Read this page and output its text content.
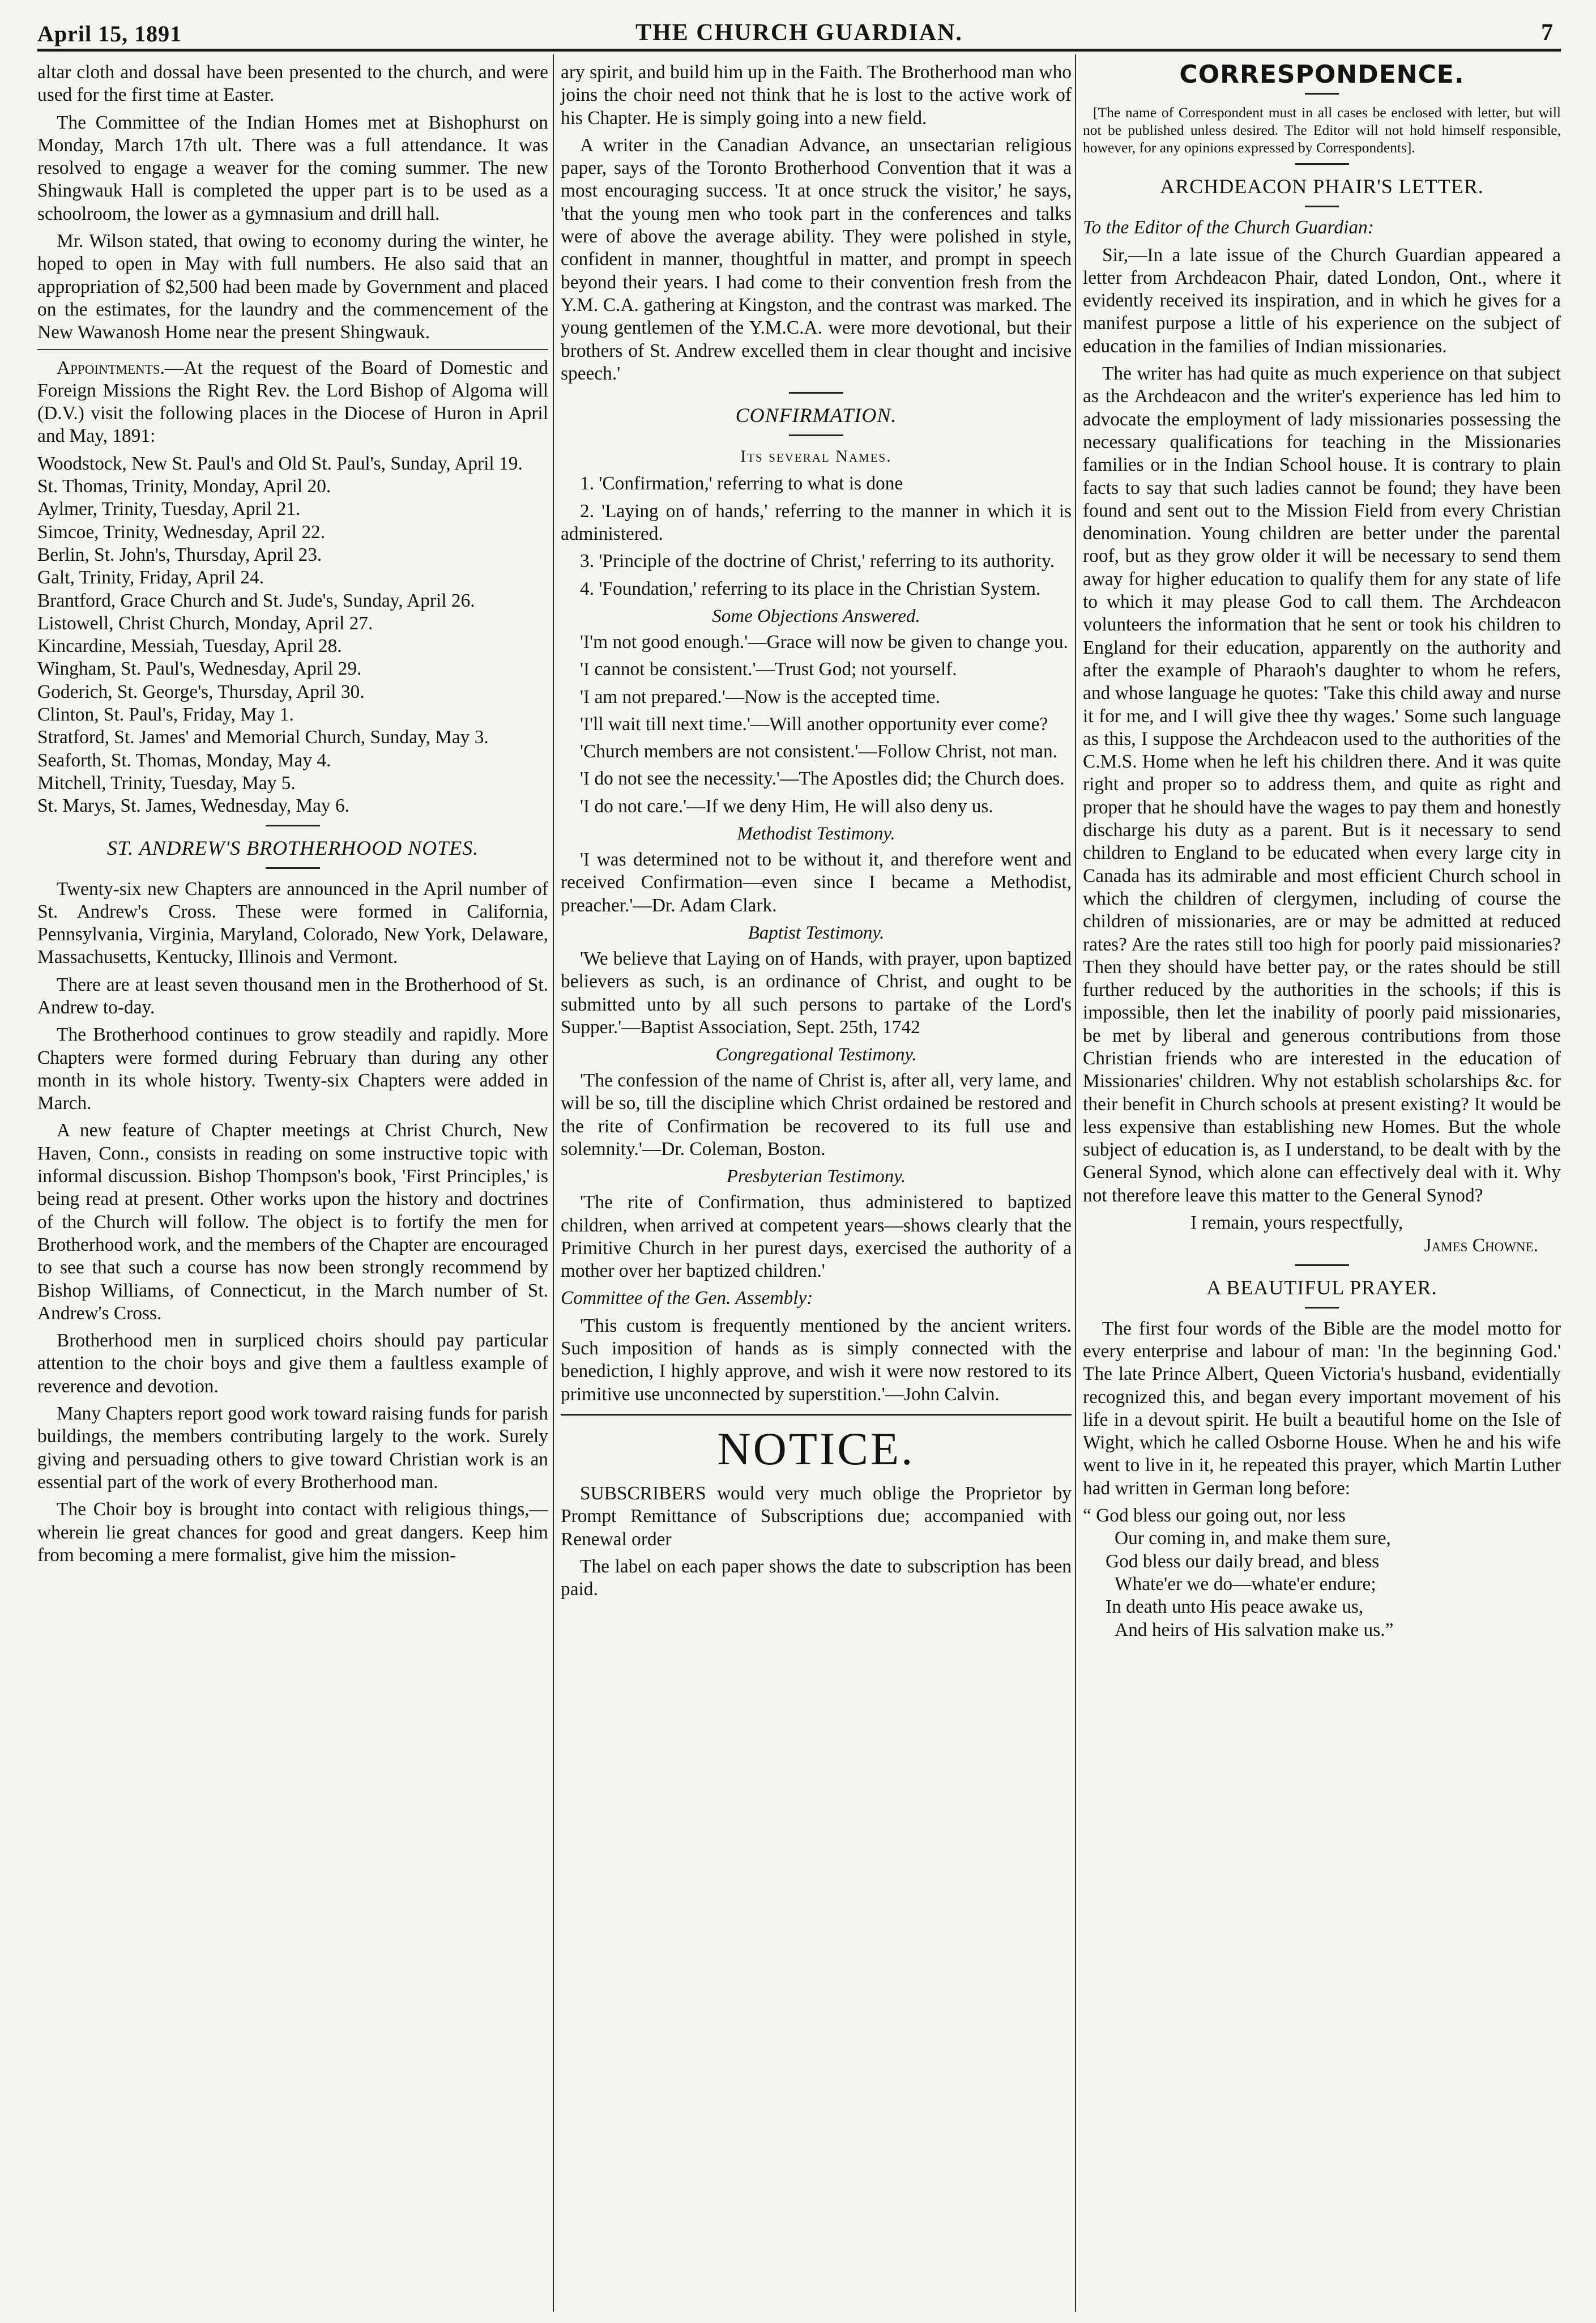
April 15, 1891	THE CHURCH GUARDIAN.	7

altar cloth and dossal have been presented to the church, and were used for the first time at Easter.

The Committee of the Indian Homes met at Bishophurst on Monday, March 17th ult. There was a full attendance. It was resolved to engage a weaver for the coming summer. The new Shingwauk Hall is completed the upper part is to be used as a schoolroom, the lower as a gymnasium and drill hall.

Mr. Wilson stated, that owing to economy during the winter, he hoped to open in May with full numbers. He also said that an appropriation of $2,500 had been made by Government and placed on the estimates, for the laundry and the commencement of the New Wawanosh Home near the present Shingwauk.

Appointments.—At the request of the Board of Domestic and Foreign Missions the Right Rev. the Lord Bishop of Algoma will (D.V.) visit the following places in the Diocese of Huron in April and May, 1891:

Woodstock, New St. Paul's and Old St. Paul's, Sunday, April 19.
St. Thomas, Trinity, Monday, April 20.
Aylmer, Trinity, Tuesday, April 21.
Simcoe, Trinity, Wednesday, April 22.
Berlin, St. John's, Thursday, April 23.
Galt, Trinity, Friday, April 24.
Brantford, Grace Church and St. Jude's, Sunday, April 26.
Listowell, Christ Church, Monday, April 27.
Kincardine, Messiah, Tuesday, April 28.
Wingham, St. Paul's, Wednesday, April 29.
Goderich, St. George's, Thursday, April 30.
Clinton, St. Paul's, Friday, May 1.
Stratford, St. James' and Memorial Church, Sunday, May 3.
Seaforth, St. Thomas, Monday, May 4.
Mitchell, Trinity, Tuesday, May 5.
St. Marys, St. James, Wednesday, May 6.
ST. ANDREW'S BROTHERHOOD NOTES.

Twenty-six new Chapters are announced in the April number of St. Andrew's Cross. These were formed in California, Pennsylvania, Virginia, Maryland, Colorado, New York, Delaware, Massachusetts, Kentucky, Illinois and Vermont.

There are at least seven thousand men in the Brotherhood of St. Andrew to-day.

The Brotherhood continues to grow steadily and rapidly. More Chapters were formed during February than during any other month in its whole history. Twenty-six Chapters were added in March.

A new feature of Chapter meetings at Christ Church, New Haven, Conn., consists in reading on some instructive topic with informal discussion. Bishop Thompson's book, 'First Principles,' is being read at present. Other works upon the history and doctrines of the Church will follow. The object is to fortify the men for Brotherhood work, and the members of the Chapter are encouraged to see that such a course has now been strongly recommend by Bishop Williams, of Connecticut, in the March number of St. Andrew's Cross.

Brotherhood men in surpliced choirs should pay particular attention to the choir boys and give them a faultless example of reverence and devotion.

Many Chapters report good work toward raising funds for parish buildings, the members contributing largely to the work. Surely giving and persuading others to give toward Christian work is an essential part of the work of every Brotherhood man.

The Choir boy is brought into contact with religious things,—wherein lie great chances for good and great dangers. Keep him from becoming a mere formalist, give him the mission-

ary spirit, and build him up in the Faith. The Brotherhood man who joins the choir need not think that he is lost to the active work of his Chapter. He is simply going into a new field.

A writer in the Canadian Advance, an unsectarian religious paper, says of the Toronto Brotherhood Convention that it was a most encouraging success. 'It at once struck the visitor,' he says, 'that the young men who took part in the conferences and talks were of above the average ability. They were polished in style, confident in manner, thoughtful in matter, and prompt in speech beyond their years. I had come to their convention fresh from the Y.M. C.A. gathering at Kingston, and the contrast was marked. The young gentlemen of the Y.M.C.A. were more devotional, but their brothers of St. Andrew excelled them in clear thought and incisive speech.'

CONFIRMATION.
Its several Names.

1. 'Confirmation,' referring to what is done

2. 'Laying on of hands,' referring to the manner in which it is administered.

3. 'Principle of the doctrine of Christ,' referring to its authority.

4. 'Foundation,' referring to its place in the Christian System.

Some Objections Answered.

'I'm not good enough.'—Grace will now be given to change you.

'I cannot be consistent.'—Trust God; not yourself.

'I am not prepared.'—Now is the accepted time.

'I'll wait till next time.'—Will another opportunity ever come?

'Church members are not consistent.'—Follow Christ, not man.

'I do not see the necessity.'—The Apostles did; the Church does.

'I do not care.'—If we deny Him, He will also deny us.

Methodist Testimony.

'I was determined not to be without it, and therefore went and received Confirmation—even since I became a Methodist, preacher.'—Dr. Adam Clark.

Baptist Testimony.

'We believe that Laying on of Hands, with prayer, upon baptized believers as such, is an ordinance of Christ, and ought to be submitted unto by all such persons to partake of the Lord's Supper.'—Baptist Association, Sept. 25th, 1742

Congregational Testimony.

'The confession of the name of Christ is, after all, very lame, and will be so, till the discipline which Christ ordained be restored and the rite of Confirmation be recovered to its full use and solemnity.'—Dr. Coleman, Boston.

Presbyterian Testimony.

'The rite of Confirmation, thus administered to baptized children, when arrived at competent years—shows clearly that the Primitive Church in her purest days, exercised the authority of a mother over her baptized children.'

Committee of the Gen. Assembly:

'This custom is frequently mentioned by the ancient writers. Such imposition of hands as is simply connected with the benediction, I highly approve, and wish it were now restored to its primitive use unconnected by superstition.'—John Calvin.

NOTICE.

SUBSCRIBERS would very much oblige the Proprietor by Prompt Remittance of Subscriptions due; accompanied with Renewal order

The label on each paper shows the date to subscription has been paid.

CORRESPONDENCE.

[The name of Correspondent must in all cases be enclosed with letter, but will not be published unless desired. The Editor will not hold himself responsible, however, for any opinions expressed by Correspondents].

ARCHDEACON PHAIR'S LETTER.

To the Editor of the Church Guardian:

Sir,—In a late issue of the Church Guardian appeared a letter from Archdeacon Phair, dated London, Ont., where it evidently received its inspiration, and in which he gives for a manifest purpose a little of his experience on the subject of education in the families of Indian missionaries.

The writer has had quite as much experience on that subject as the Archdeacon and the writer's experience has led him to advocate the employment of lady missionaries possessing the necessary qualifications for teaching in the Missionaries families or in the Indian School house. It is contrary to plain facts to say that such ladies cannot be found; they have been found and sent out to the Mission Field from every Christian denomination. Young children are better under the parental roof, but as they grow older it will be necessary to send them away for higher education to qualify them for any state of life to which it may please God to call them. The Archdeacon volunteers the information that he sent or took his children to England for their education, apparently on the authority and after the example of Pharaoh's daughter to whom he refers, and whose language he quotes: 'Take this child away and nurse it for me, and I will give thee thy wages.' Some such language as this, I suppose the Archdeacon used to the authorities of the C.M.S. Home when he left his children there. And it was quite right and proper so to address them, and quite as right and proper that he should have the wages to pay them and honestly discharge his duty as a parent. But is it necessary to send children to England to be educated when every large city in Canada has its admirable and most efficient Church school in which the children of clergymen, including of course the children of missionaries, are or may be admitted at reduced rates? Are the rates still too high for poorly paid missionaries? Then they should have better pay, or the rates should be still further reduced by the authorities in the schools; if this is impossible, then let the inability of poorly paid missionaries, be met by liberal and generous contributions from those Christian friends who are interested in the education of Missionaries' children. Why not establish scholarships &c. for their benefit in Church schools at present existing? It would be less expensive than establishing new Homes. But the whole subject of education is, as I understand, to be dealt with by the General Synod, which alone can effectively deal with it. Why not therefore leave this matter to the General Synod?

I remain, yours respectfully,

James Chowne.

A BEAUTIFUL PRAYER.

The first four words of the Bible are the model motto for every enterprise and labour of man: 'In the beginning God.' The late Prince Albert, Queen Victoria's husband, evidentially recognized this, and began every important movement of his life in a devout spirit. He built a beautiful home on the Isle of Wight, which he called Osborne House. When he and his wife went to live in it, he repeated this prayer, which Martin Luther had written in German long before:

“ God bless our going out, nor less
Our coming in, and make them sure,
God bless our daily bread, and bless
Whate'er we do—whate'er endure;
In death unto His peace awake us,
And heirs of His salvation make us.”
